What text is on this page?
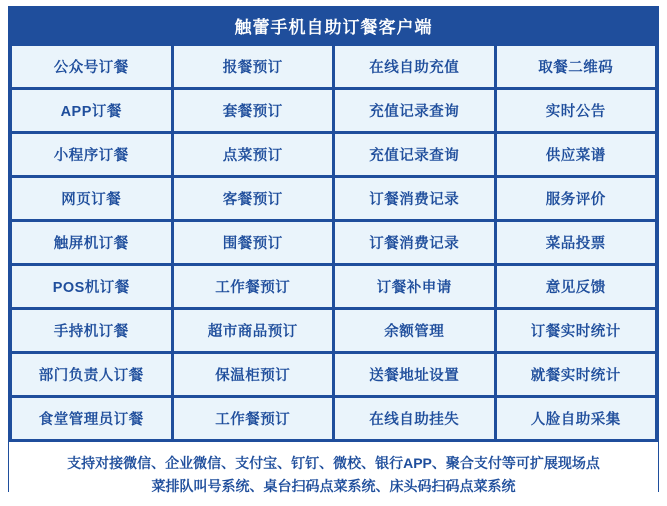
触蕾手机自助订餐客户端
公众号订餐	报餐预订	在线自助充值	取餐二维码
APP订餐	套餐预订	充值记录查询	实时公告
小程序订餐	点菜预订	充值记录查询	供应菜谱
网页订餐	客餐预订	订餐消费记录	服务评价
触屏机订餐	围餐预订	订餐消费记录	菜品投票
POS机订餐	工作餐预订	订餐补申请	意见反馈
手持机订餐	超市商品预订	余额管理	订餐实时统计
部门负责人订餐	保温柜预订	送餐地址设置	就餐实时统计
食堂管理员订餐	工作餐预订	在线自助挂失	人脸自助采集
支持对接微信、企业微信、支付宝、钉钉、微校、银行APP、聚合支付等可扩展现场点
菜排队叫号系统、桌台扫码点菜系统、床头码扫码点菜系统
